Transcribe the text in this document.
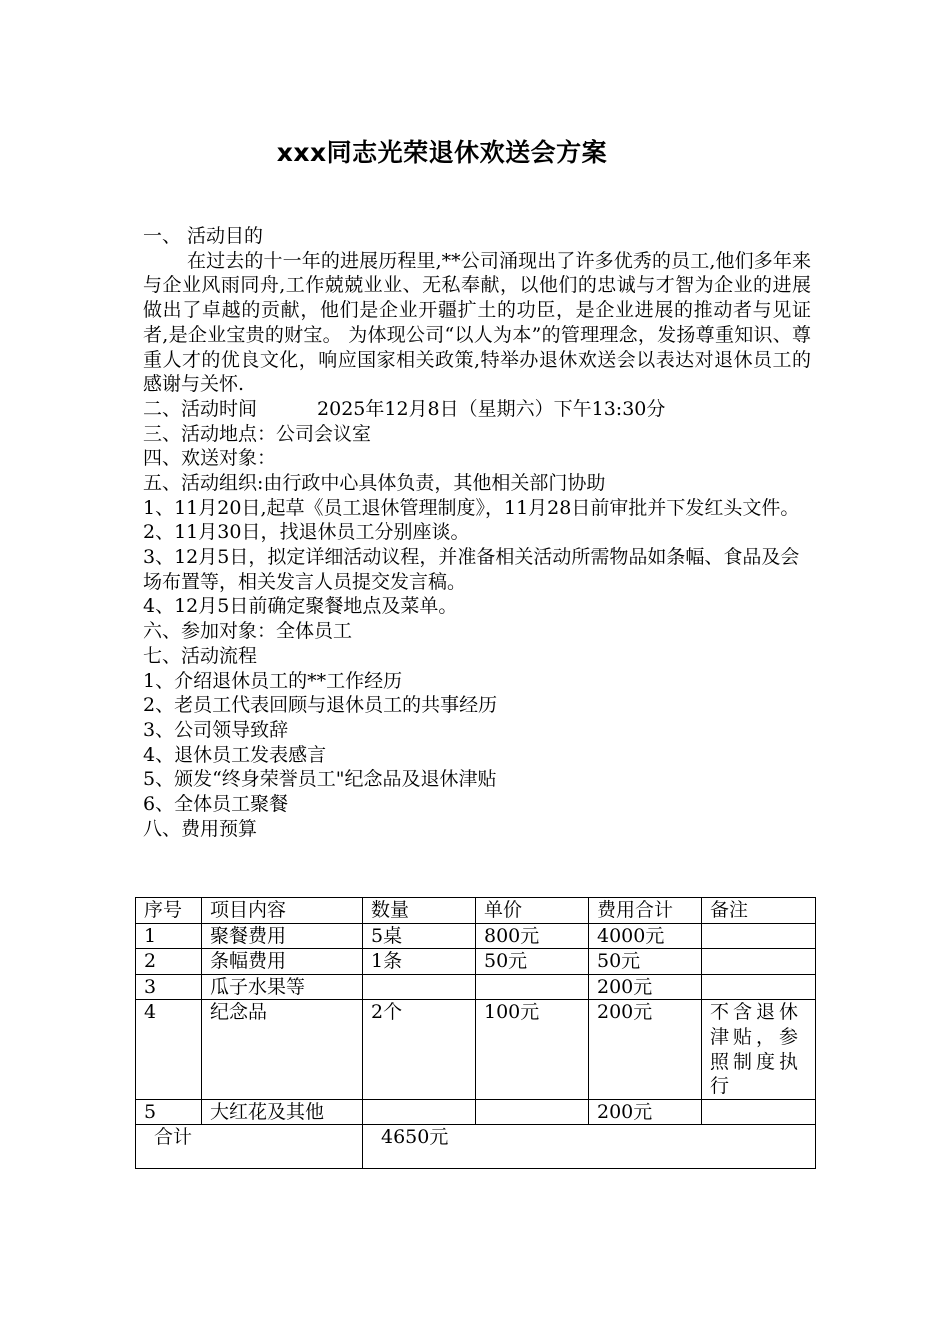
xxx同志光荣退休欢送会方案
一、 活动目的
在过去的十一年的进展历程里,**公司涌现出了许多优秀的员工,他们多年来与企业风雨同舟,工作兢兢业业、无私奉献，以他们的忠诚与才智为企业的进展做出了卓越的贡献，他们是企业开疆扩土的功臣，是企业进展的推动者与见证者,是企业宝贵的财宝。 为体现公司“以人为本”的管理理念，发扬尊重知识、尊重人才的优良文化，响应国家相关政策,特举办退休欢送会以表达对退休员工的感谢与关怀.
二、活动时间	2025年12月8日（星期六）下午13:30分
三、活动地点：公司会议室
四、欢送对象：
五、活动组织:由行政中心具体负责，其他相关部门协助
1、11月20日,起草《员工退休管理制度》，11月28日前审批并下发红头文件。
2、11月30日，找退休员工分别座谈。
3、12月5日，拟定详细活动议程，并准备相关活动所需物品如条幅、食品及会场布置等，相关发言人员提交发言稿。
4、12月5日前确定聚餐地点及菜单。
六、参加对象：全体员工
七、活动流程
1、介绍退休员工的**工作经历
2、老员工代表回顾与退休员工的共事经历
3、公司领导致辞
4、退休员工发表感言
5、颁发“终身荣誉员工"纪念品及退休津贴
6、全体员工聚餐
八、费用预算
序号	项目内容	数量	单价	费用合计	备注
1	聚餐费用	5桌	800元	4000元	
2	条幅费用	1条	50元	50元	
3	瓜子水果等			200元	
4	纪念品	2个	100元	200元	不含退休津贴，参照制度执行
5	大红花及其他			200元	
合计		4650元			
